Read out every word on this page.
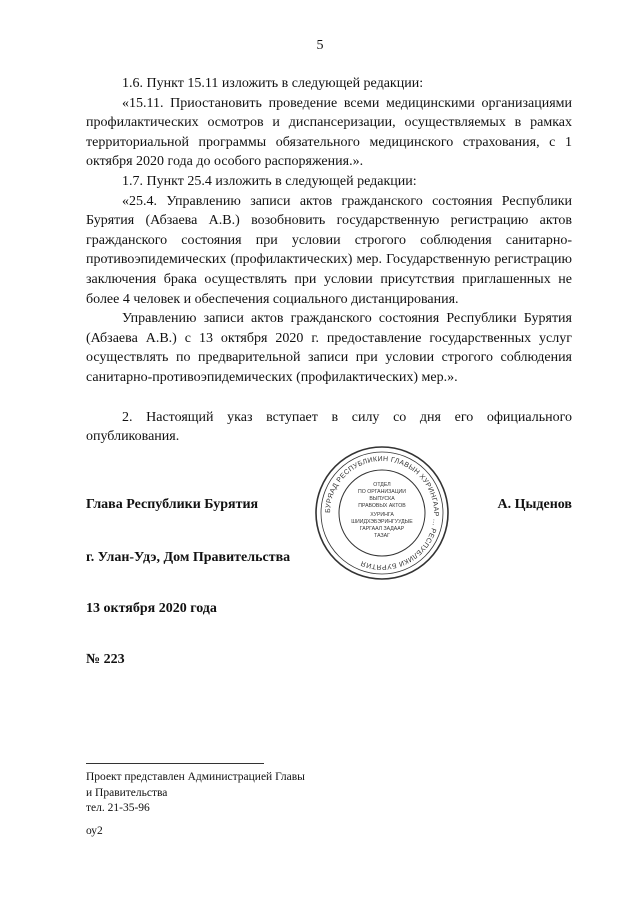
5

1.6. Пункт 15.11 изложить в следующей редакции:

«15.11. Приостановить проведение всеми медицинскими организациями профилактических осмотров и диспансеризации, осуществляемых в рамках территориальной программы обязательного медицинского страхования, с 1 октября 2020 года до особого распоряжения.».

1.7. Пункт 25.4 изложить в следующей редакции:

«25.4. Управлению записи актов гражданского состояния Республики Бурятия (Абзаева А.В.) возобновить государственную регистрацию актов гражданского состояния при условии строгого соблюдения санитарно-противоэпидемических (профилактических) мер. Государственную регистрацию заключения брака осуществлять при условии присутствия приглашенных не более 4 человек и обеспечения социального дистанцирования.

Управлению записи актов гражданского состояния Республики Бурятия (Абзаева А.В.) с 13 октября 2020 г. предоставление государственных услуг осуществлять по предварительной записи при условии строгого соблюдения санитарно-противоэпидемических (профилактических) мер.».

2. Настоящий указ вступает в силу со дня его официального опубликования.

Глава Республики Бурятия	А. Цыденов
г. Улан-Удэ, Дом Правительства
13 октября 2020 года
№ 223
БУРЯАД РЕСПУБЛИКИН ГЛАВЫН ХУРИНГААР ... РЕСПУБЛИКИ БУРЯТИЯ
ОТДЕЛ
ПО ОРГАНИЗАЦИИ
ВЫПУСКА
ПРАВОВЫХ АКТОВ
ХУРИНГА
ШИИДХЭБЭРИНГУУДЫЕ
ГАРГААЛ ЗАДААР
ТАЗАГ
Проект представлен Администрацией Главы
и Правительства
тел. 21-35-96
оу2
